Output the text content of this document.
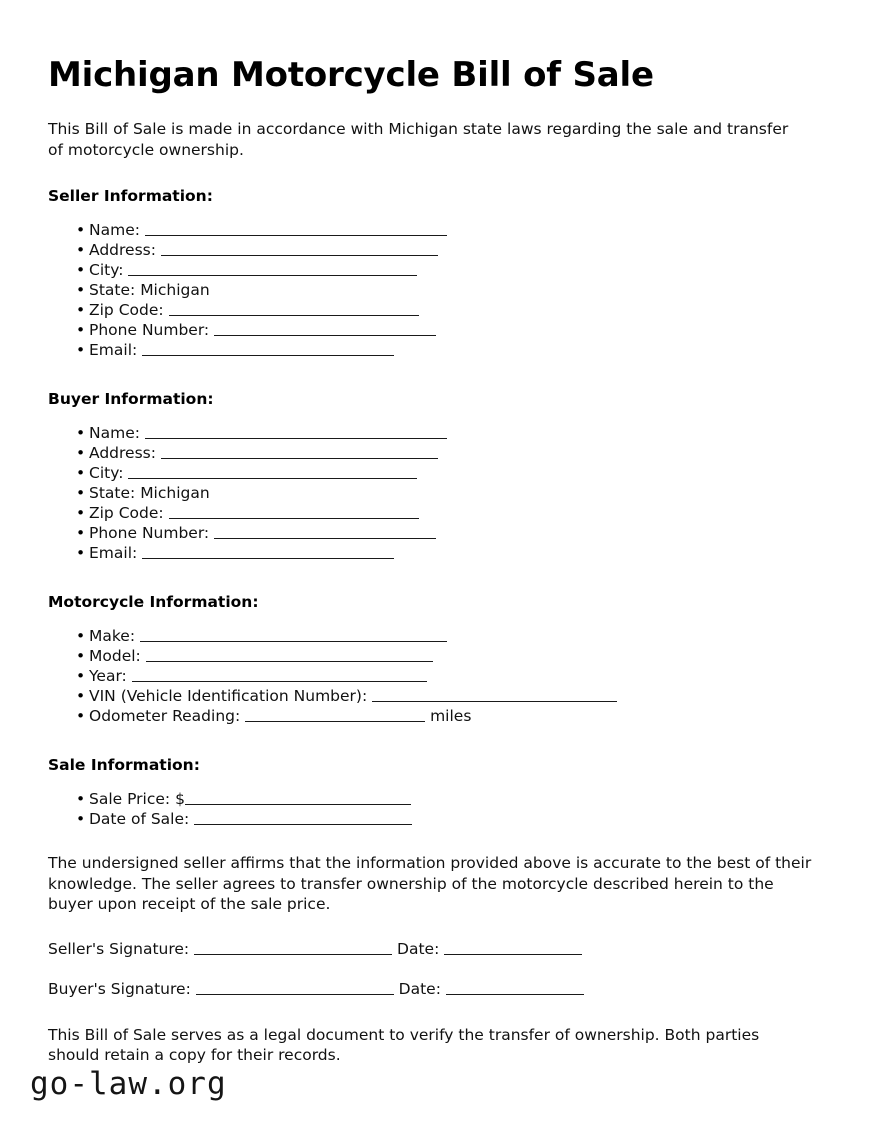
Michigan Motorcycle Bill of Sale

This Bill of Sale is made in accordance with Michigan state laws regarding the sale and transfer of motorcycle ownership.

Seller Information:
• Name:
• Address:
• City:
• State: Michigan
• Zip Code:
• Phone Number:
• Email:
Buyer Information:
• Name:
• Address:
• City:
• State: Michigan
• Zip Code:
• Phone Number:
• Email:
Motorcycle Information:
• Make:
• Model:
• Year:
• VIN (Vehicle Identification Number):
• Odometer Reading:	miles
Sale Information:
• Sale Price: $
• Date of Sale:

The undersigned seller affirms that the information provided above is accurate to the best of their knowledge. The seller agrees to transfer ownership of the motorcycle described herein to the buyer upon receipt of the sale price.

Seller's Signature:	Date:
Buyer's Signature:	Date:

This Bill of Sale serves as a legal document to verify the transfer of ownership. Both parties should retain a copy for their records.

go-law.org
